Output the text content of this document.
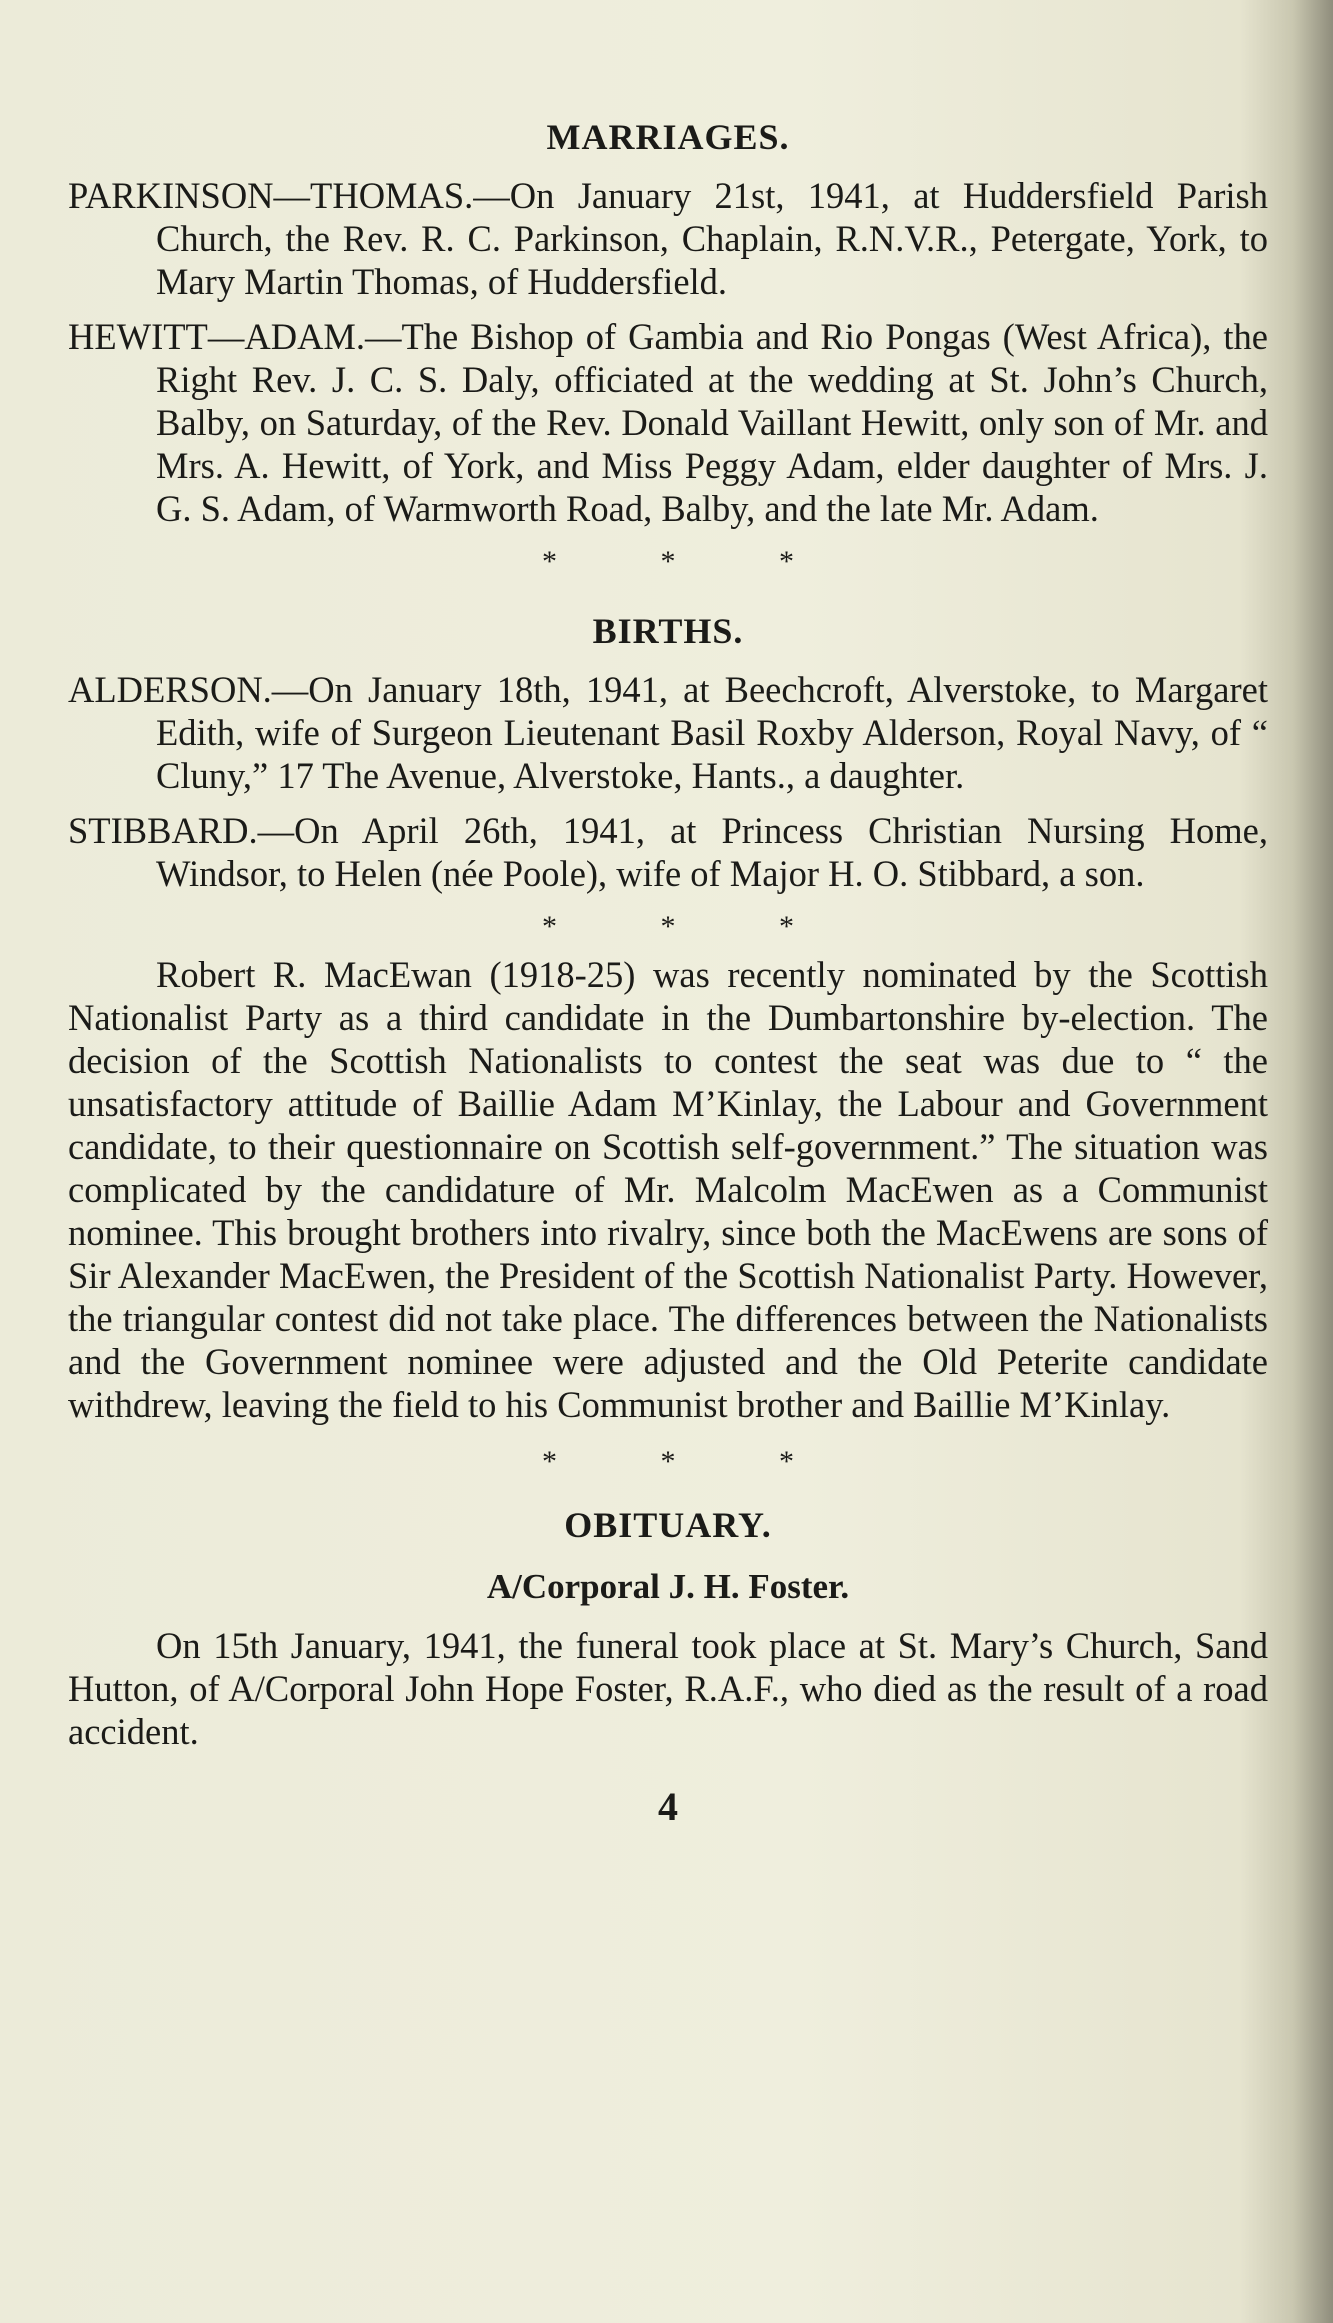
MARRIAGES.

PARKINSON—THOMAS.—On January 21st, 1941, at Huddersfield Parish Church, the Rev. R. C. Parkinson, Chaplain, R.N.V.R., Petergate, York, to Mary Martin Thomas, of Huddersfield.

HEWITT—ADAM.—The Bishop of Gambia and Rio Pongas (West Africa), the Right Rev. J. C. S. Daly, officiated at the wedding at St. John’s Church, Balby, on Saturday, of the Rev. Donald Vaillant Hewitt, only son of Mr. and Mrs. A. Hewitt, of York, and Miss Peggy Adam, elder daughter of Mrs. J. G. S. Adam, of Warmworth Road, Balby, and the late Mr. Adam.

* * *
BIRTHS.

ALDERSON.—On January 18th, 1941, at Beechcroft, Alverstoke, to Margaret Edith, wife of Surgeon Lieutenant Basil Roxby Alderson, Royal Navy, of “ Cluny,” 17 The Avenue, Alverstoke, Hants., a daughter.

STIBBARD.—On April 26th, 1941, at Princess Christian Nursing Home, Windsor, to Helen (née Poole), wife of Major H. O. Stibbard, a son.

* * *

Robert R. MacEwan (1918-25) was recently nominated by the Scottish Nationalist Party as a third candidate in the Dumbartonshire by-election. The decision of the Scottish Nationalists to contest the seat was due to “ the unsatisfactory attitude of Baillie Adam M’Kinlay, the Labour and Government candidate, to their questionnaire on Scottish self-government.” The situation was complicated by the candidature of Mr. Malcolm MacEwen as a Communist nominee. This brought brothers into rivalry, since both the MacEwens are sons of Sir Alexander MacEwen, the President of the Scottish Nationalist Party. However, the triangular contest did not take place. The differences between the Nationalists and the Government nominee were adjusted and the Old Peterite candidate withdrew, leaving the field to his Communist brother and Baillie M’Kinlay.

* * *
OBITUARY.
A/Corporal J. H. Foster.

On 15th January, 1941, the funeral took place at St. Mary’s Church, Sand Hutton, of A/Corporal John Hope Foster, R.A.F., who died as the result of a road accident.

4
